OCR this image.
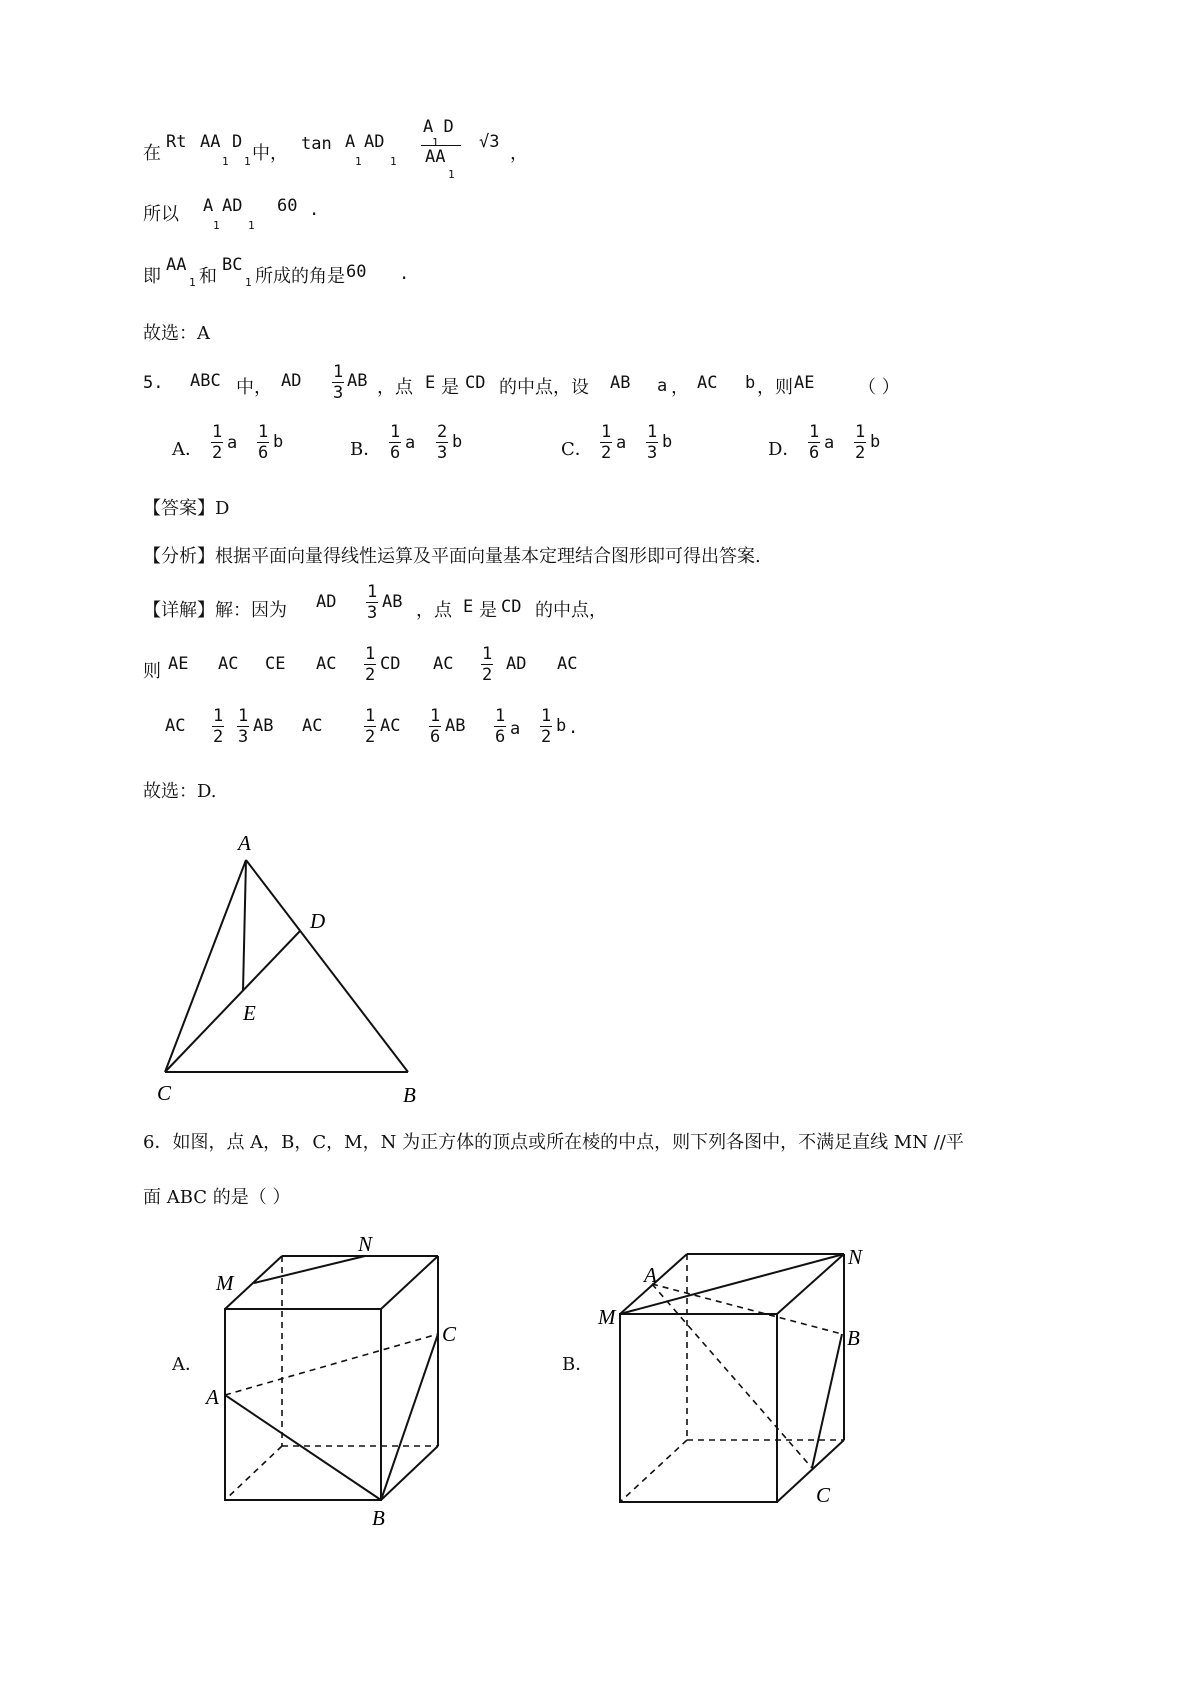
在
Rt AA
1
D
1 中， tan A
1
AD
1
A D
1
AA
1
√3
，
所以 A
1
AD
1
60 .
即
AA
1 和
BC
1 所成的角是 60 .
故选：A
5. ABC 中， AD $\frac{1}{3}$ AB ，点 E 是 CD 的中点，设 AB a ， AC b ，则 AE （ ）
A． $\frac{1}{2}$ a $\frac{1}{6}$ b	B． $\frac{1}{6}$ a $\frac{2}{3}$ b	C． $\frac{1}{2}$ a $\frac{1}{3}$ b	D． $\frac{1}{6}$ a $\frac{1}{2}$ b
【答案】D
【分析】根据平面向量得线性运算及平面向量基本定理结合图形即可得出答案.
【详解】解：因为 AD $\frac{1}{3}$ AB ，点 E 是 CD 的中点，
则 AE AC CE AC $\frac{1}{2}$ CD AC $\frac{1}{2}$ AD AC
AC $\frac{1}{2} \frac{1}{3}$ AB AC $\frac{1}{2}$ AC $\frac{1}{6}$ AB $\frac{1}{6}$ a $\frac{1}{2}$ b .
故选：D.
A
D
E
C	B
6．如图，点 A，B，C，M，N 为正方体的顶点或所在棱的中点，则下列各图中，不满足直线 MN //平
面 ABC 的是（ ）
A．
M
N
A
C
B
B．
A
M
N
B
C
